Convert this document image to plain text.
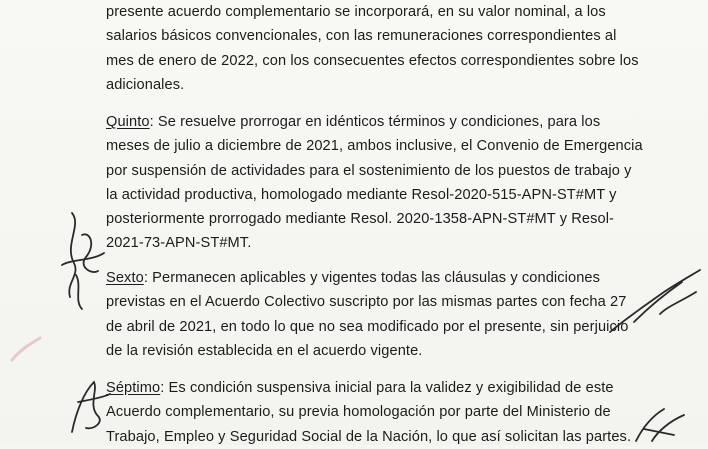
presente acuerdo complementario se incorporará, en su valor nominal, a los
salarios básicos convencionales, con las remuneraciones correspondientes al
mes de enero de 2022, con los consecuentes efectos correspondientes sobre los
adicionales.
Quinto: Se resuelve prorrogar en idénticos términos y condiciones, para los
meses de julio a diciembre de 2021, ambos inclusive, el Convenio de Emergencia
por suspensión de actividades para el sostenimiento de los puestos de trabajo y
la actividad productiva, homologado mediante Resol-2020-515-APN-ST#MT y
posteriormente prorrogado mediante Resol. 2020-1358-APN-ST#MT y Resol-
2021-73-APN-ST#MT.
Sexto: Permanecen aplicables y vigentes todas las cláusulas y condiciones
previstas en el Acuerdo Colectivo suscripto por las mismas partes con fecha 27
de abril de 2021, en todo lo que no sea modificado por el presente, sin perjuicio
de la revisión establecida en el acuerdo vigente.
Séptimo: Es condición suspensiva inicial para la validez y exigibilidad de este
Acuerdo complementario, su previa homologación por parte del Ministerio de
Trabajo, Empleo y Seguridad Social de la Nación, lo que así solicitan las partes.
